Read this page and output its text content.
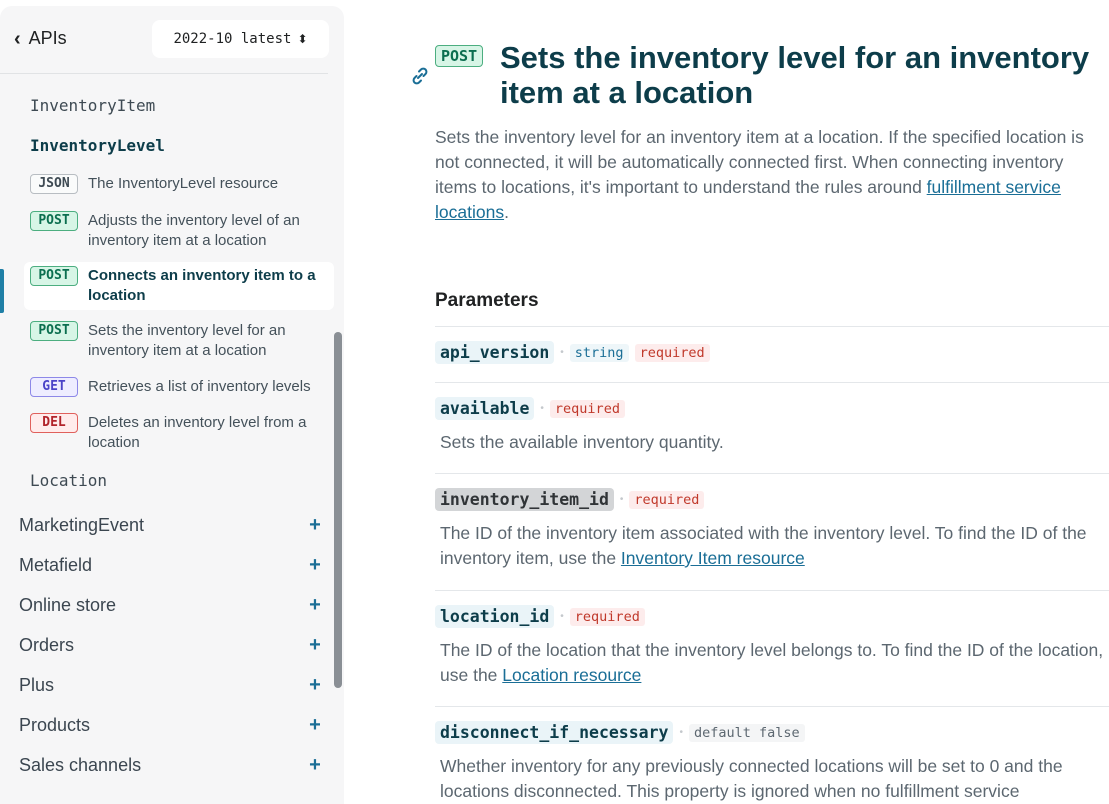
‹ APIs	2022-10 latest ⬍
InventoryItem
InventoryLevel
JSON	The InventoryLevel resource
POST	Adjusts the inventory level of an inventory item at a location
POST	Connects an inventory item to a location
POST	Sets the inventory level for an inventory item at a location
GET	Retrieves a list of inventory levels
DEL	Deletes an inventory level from a location
Location
MarketingEvent	+
Metafield	+
Online store	+
Orders	+
Plus	+
Products	+
Sales channels	+
POST Sets the inventory level for an inventory item at a location

Sets the inventory level for an inventory item at a location. If the specified location is not connected, it will be automatically connected first. When connecting inventory items to locations, it's important to understand the rules around fulfillment service locations.

Parameters
api_version	• string	required
available	• required

Sets the available inventory quantity.

inventory_item_id	• required

The ID of the inventory item associated with the inventory level. To find the ID of the inventory item, use the Inventory Item resource

location_id	• required

The ID of the location that the inventory level belongs to. To find the ID of the location, use the Location resource

disconnect_if_necessary	• default false

Whether inventory for any previously connected locations will be set to 0 and the locations disconnected. This property is ignored when no fulfillment service
